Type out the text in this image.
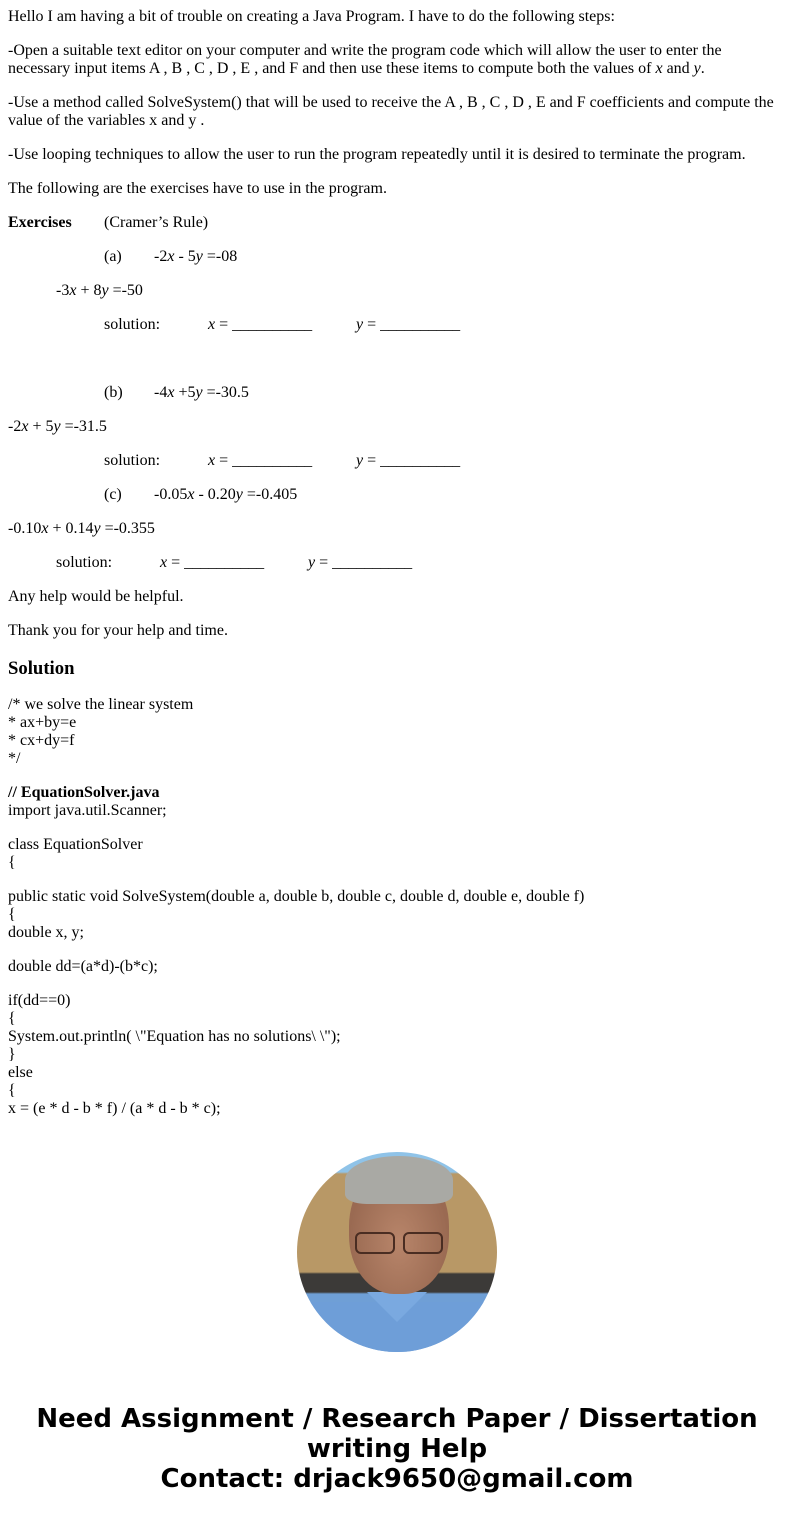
Hello I am having a bit of trouble on creating a Java Program. I have to do the following steps:

-Open a suitable text editor on your computer and write the program code which will allow the user to enter the necessary input items A , B , C , D , E , and F and then use these items to compute both the values of x and y.

-Use a method called SolveSystem() that will be used to receive the A , B , C , D , E and F coefficients and compute the value of the variables x and y .

-Use looping techniques to allow the user to run the program repeatedly until it is desired to terminate the program.

The following are the exercises have to use in the program.

Exercises (Cramer’s Rule)

(a) -2x - 5y =-08

-3x + 8y =-50

solution:	x = __________	y = __________

(b) -4x +5y =-30.5

-2x + 5y =-31.5

solution:	x = __________	y = __________

(c) -0.05x - 0.20y =-0.405

-0.10x + 0.14y =-0.355

solution:	x = __________	y = __________

Any help would be helpful.

Thank you for your help and time.

Solution

/* we solve the linear system
* ax+by=e
* cx+dy=f
*/

// EquationSolver.java
import java.util.Scanner;

class EquationSolver
{

public static void SolveSystem(double a, double b, double c, double d, double e, double f)
{
double x, y;

double dd=(a*d)-(b*c);

if(dd==0)
{
System.out.println( \"Equation has no solutions\ \");
}
else
{
x = (e * d - b * f) / (a * d - b * c);

Need Assignment / Research Paper / Dissertation writing Help
Contact: drjack9650@gmail.com
